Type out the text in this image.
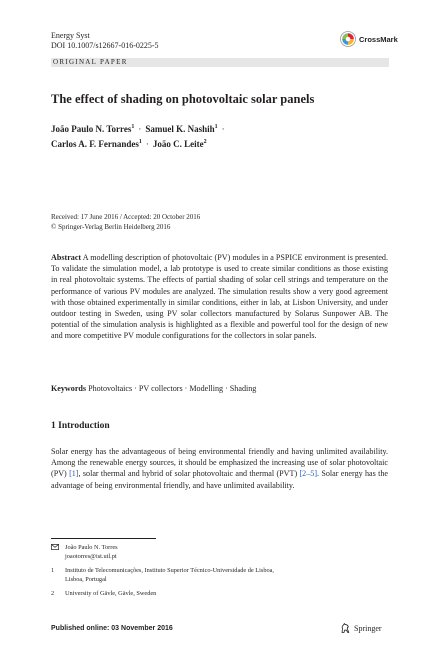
Energy Syst
DOI 10.1007/s12667-016-0225-5
CrossMark
ORIGINAL PAPER
The effect of shading on photovoltaic solar panels
João Paulo N. Torres$^1$ · Samuel K. Nashih$^1$ ·
Carlos A. F. Fernandes$^1$ · João C. Leite$^2$
Received: 17 June 2016 / Accepted: 20 October 2016
© Springer-Verlag Berlin Heidelberg 2016
Abstract A modelling description of photovoltaic (PV) modules in a PSPICE environment is presented. To validate the simulation model, a lab prototype is used to create similar conditions as those existing in real photovoltaic systems. The effects of partial shading of solar cell strings and temperature on the performance of various PV modules are analyzed. The simulation results show a very good agreement with those obtained experimentally in similar conditions, either in lab, at Lisbon University, and under outdoor testing in Sweden, using PV solar collectors manufactured by Solarus Sunpower AB. The potential of the simulation analysis is highlighted as a flexible and powerful tool for the design of new and more competitive PV module configurations for the collectors in solar panels.
Keywords Photovoltaics · PV collectors · Modelling · Shading
1 Introduction
Solar energy has the advantageous of being environmental friendly and having unlimited availability. Among the renewable energy sources, it should be emphasized the increasing use of solar photovoltaic (PV) [1], solar thermal and hybrid of solar photovoltaic and thermal (PVT) [2–5]. Solar energy has the advantage of being environmental friendly, and have unlimited availability.
João Paulo N. Torres
joaotorres@ist.utl.pt
1	Instituto de Telecomunicações, Instituto Superior Técnico-Universidade de Lisboa,
Lisboa, Portugal
2	University of Gävle, Gävle, Sweden
Published online: 03 November 2016	Springer
